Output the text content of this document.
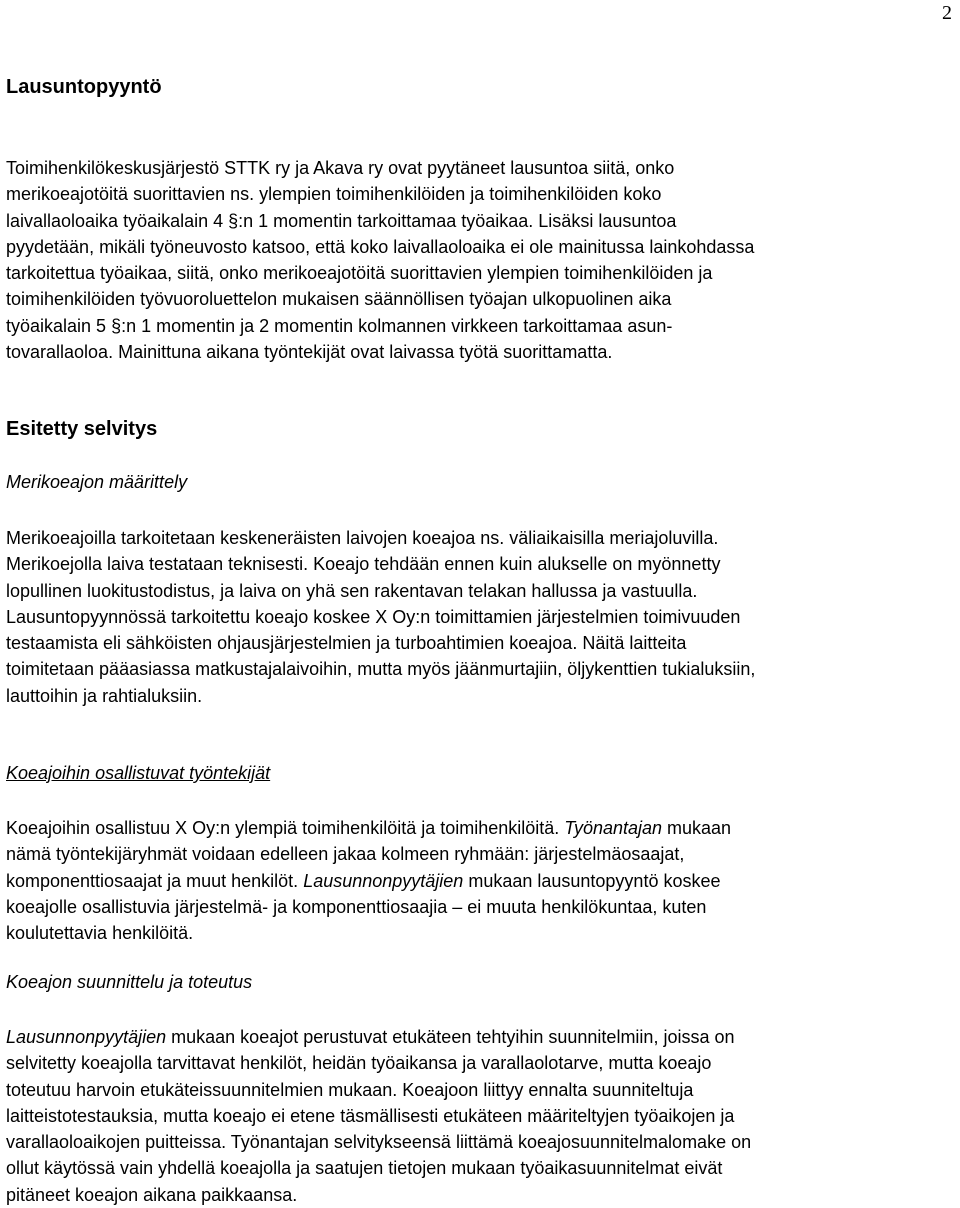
2
Lausuntopyyntö

Toimihenkilökeskusjärjestö STTK ry ja Akava ry ovat pyytäneet lausuntoa siitä, onko
merikoeajotöitä suorittavien ns. ylempien toimihenkilöiden ja toimihenkilöiden koko
laivallaoloaika työaikalain 4 §:n 1 momentin tarkoittamaa työaikaa. Lisäksi lausuntoa
pyydetään, mikäli työneuvosto katsoo, että koko laivallaoloaika ei ole mainitussa lainkohdassa
tarkoitettua työaikaa, siitä, onko merikoeajotöitä suorittavien ylempien toimihenkilöiden ja
toimihenkilöiden työvuoroluettelon mukaisen säännöllisen työajan ulkopuolinen aika
työaikalain 5 §:n 1 momentin ja 2 momentin kolmannen virkkeen tarkoittamaa asun-
tovarallaoloa. Mainittuna aikana työntekijät ovat laivassa työtä suorittamatta.

Esitetty selvitys
Merikoeajon määrittely

Merikoeajoilla tarkoitetaan keskeneräisten laivojen koeajoa ns. väliaikaisilla meriajoluvilla.
Merikoejolla laiva testataan teknisesti. Koeajo tehdään ennen kuin alukselle on myönnetty
lopullinen luokitustodistus, ja laiva on yhä sen rakentavan telakan hallussa ja vastuulla.
Lausuntopyynnössä tarkoitettu koeajo koskee X Oy:n toimittamien järjestelmien toimivuuden
testaamista eli sähköisten ohjausjärjestelmien ja turboahtimien koeajoa. Näitä laitteita
toimitetaan pääasiassa matkustajalaivoihin, mutta myös jäänmurtajiin, öljykenttien tukialuksiin,
lauttoihin ja rahtialuksiin.

Koeajoihin osallistuvat työntekijät

Koeajoihin osallistuu X Oy:n ylempiä toimihenkilöitä ja toimihenkilöitä. Työnantajan mukaan
nämä työntekijäryhmät voidaan edelleen jakaa kolmeen ryhmään: järjestelmäosaajat,
komponenttiosaajat ja muut henkilöt. Lausunnonpyytäjien mukaan lausuntopyyntö koskee
koeajolle osallistuvia järjestelmä- ja komponenttiosaajia – ei muuta henkilökuntaa, kuten
koulutettavia henkilöitä.

Koeajon suunnittelu ja toteutus

Lausunnonpyytäjien mukaan koeajot perustuvat etukäteen tehtyihin suunnitelmiin, joissa on
selvitetty koeajolla tarvittavat henkilöt, heidän työaikansa ja varallaolotarve, mutta koeajo
toteutuu harvoin etukäteissuunnitelmien mukaan. Koeajoon liittyy ennalta suunniteltuja
laitteistotestauksia, mutta koeajo ei etene täsmällisesti etukäteen määriteltyjen työaikojen ja
varallaoloaikojen puitteissa. Työnantajan selvitykseensä liittämä koeajosuunnitelmalomake on
ollut käytössä vain yhdellä koeajolla ja saatujen tietojen mukaan työaikasuunnitelmat eivät
pitäneet koeajon aikana paikkaansa.
